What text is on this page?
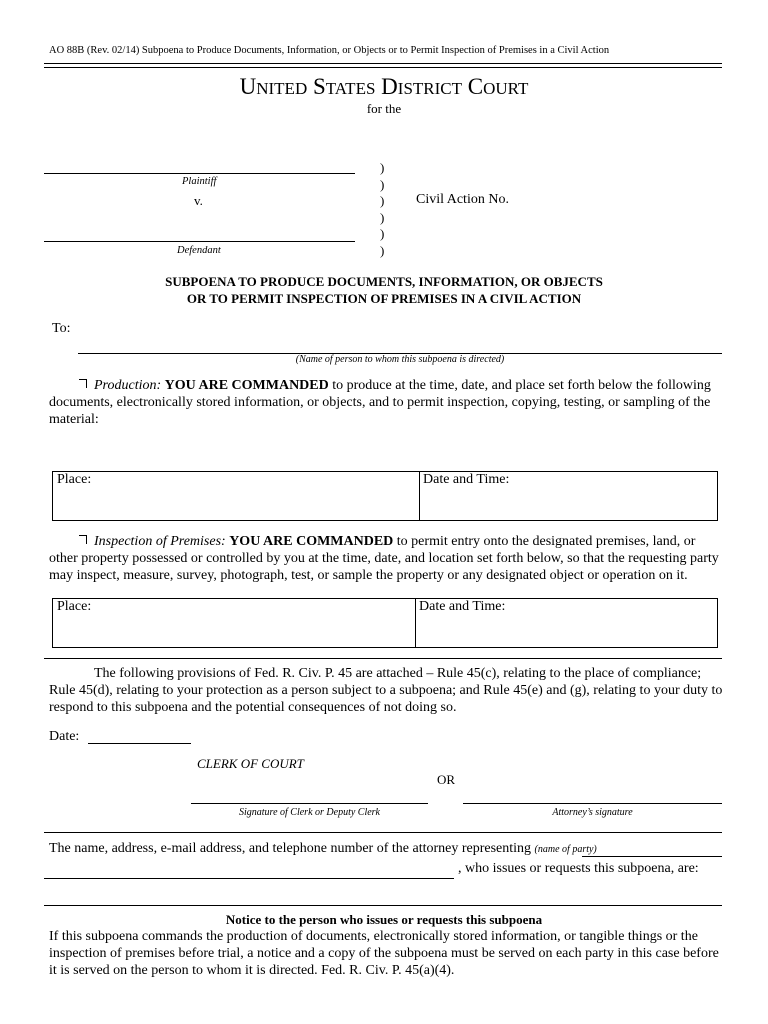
AO 88B (Rev. 02/14) Subpoena to Produce Documents, Information, or Objects or to Permit Inspection of Premises in a Civil Action
UNITED STATES DISTRICT COURT
for the
Plaintiff
v.
Defendant
)
)
)
)
)
)
Civil Action No.
SUBPOENA TO PRODUCE DOCUMENTS, INFORMATION, OR OBJECTS
OR TO PERMIT INSPECTION OF PREMISES IN A CIVIL ACTION
To:
(Name of person to whom this subpoena is directed)
Production: YOU ARE COMMANDED to produce at the time, date, and place set forth below the following
documents, electronically stored information, or objects, and to permit inspection, copying, testing, or sampling of the
material:
Place:	Date and Time:
Inspection of Premises: YOU ARE COMMANDED to permit entry onto the designated premises, land, or
other property possessed or controlled by you at the time, date, and location set forth below, so that the requesting party
may inspect, measure, survey, photograph, test, or sample the property or any designated object or operation on it.
Place:	Date and Time:
The following provisions of Fed. R. Civ. P. 45 are attached – Rule 45(c), relating to the place of compliance;
Rule 45(d), relating to your protection as a person subject to a subpoena; and Rule 45(e) and (g), relating to your duty to
respond to this subpoena and the potential consequences of not doing so.
Date:
CLERK OF COURT
OR
Signature of Clerk or Deputy Clerk	Attorney’s signature
The name, address, e-mail address, and telephone number of the attorney representing (name of party)
, who issues or requests this subpoena, are:
Notice to the person who issues or requests this subpoena
If this subpoena commands the production of documents, electronically stored information, or tangible things or the
inspection of premises before trial, a notice and a copy of the subpoena must be served on each party in this case before
it is served on the person to whom it is directed. Fed. R. Civ. P. 45(a)(4).
